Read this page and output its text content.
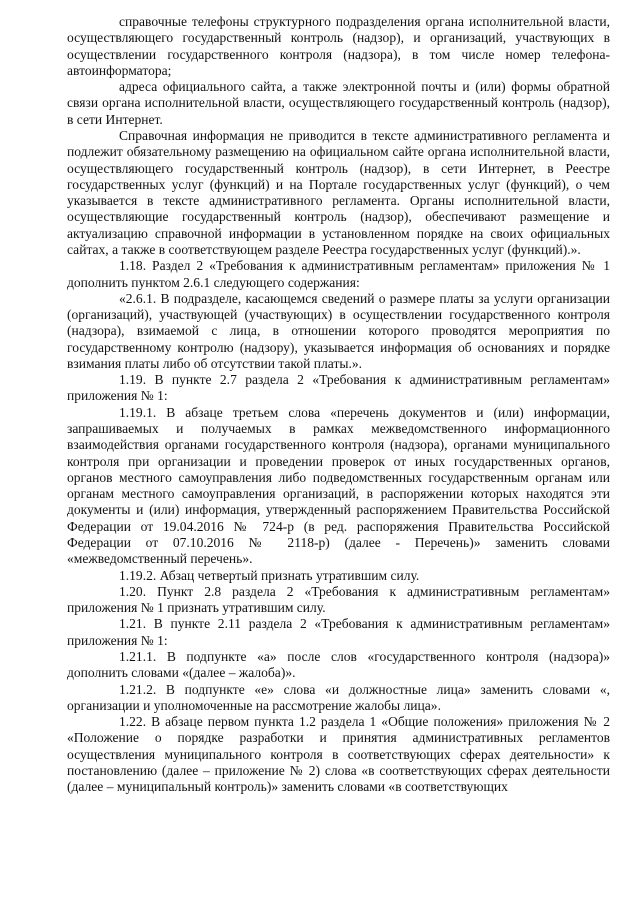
справочные телефоны структурного подразделения органа исполнительной власти, осуществляющего государственный контроль (надзор), и организаций, участвующих в осуществлении государственного контроля (надзора), в том числе номер телефона-автоинформатора;

адреса официального сайта, а также электронной почты и (или) формы обратной связи органа исполнительной власти, осуществляющего государственный контроль (надзор), в сети Интернет.

Справочная информация не приводится в тексте административного регламента и подлежит обязательному размещению на официальном сайте органа исполнительной власти, осуществляющего государственный контроль (надзор), в сети Интернет, в Реестре государственных услуг (функций) и на Портале государственных услуг (функций), о чем указывается в тексте административного регламента. Органы исполнительной власти, осуществляющие государственный контроль (надзор), обеспечивают размещение и актуализацию справочной информации в установленном порядке на своих официальных сайтах, а также в соответствующем разделе Реестра государственных услуг (функций).».

1.18. Раздел 2 «Требования к административным регламентам» приложения № 1 дополнить пунктом 2.6.1 следующего содержания:

«2.6.1. В подразделе, касающемся сведений о размере платы за услуги организации (организаций), участвующей (участвующих) в осуществлении государственного контроля (надзора), взимаемой с лица, в отношении которого проводятся мероприятия по государственному контролю (надзору), указывается информация об основаниях и порядке взимания платы либо об отсутствии такой платы.».

1.19. В пункте 2.7 раздела 2 «Требования к административным регламентам» приложения № 1:

1.19.1. В абзаце третьем слова «перечень документов и (или) информации, запрашиваемых и получаемых в рамках межведомственного информационного взаимодействия органами государственного контроля (надзора), органами муниципального контроля при организации и проведении проверок от иных государственных органов, органов местного самоуправления либо подведомственных государственным органам или органам местного самоуправления организаций, в распоряжении которых находятся эти документы и (или) информация, утвержденный распоряжением Правительства Российской Федерации от 19.04.2016 № 724-р (в ред. распоряжения Правительства Российской Федерации от 07.10.2016 № 2118-р) (далее - Перечень)» заменить словами «межведомственный перечень».

1.19.2. Абзац четвертый признать утратившим силу.

1.20. Пункт 2.8 раздела 2 «Требования к административным регламентам» приложения № 1 признать утратившим силу.

1.21. В пункте 2.11 раздела 2 «Требования к административным регламентам» приложения № 1:

1.21.1. В подпункте «а» после слов «государственного контроля (надзора)» дополнить словами «(далее – жалоба)».

1.21.2. В подпункте «е» слова «и должностные лица» заменить словами «, организации и уполномоченные на рассмотрение жалобы лица».

1.22. В абзаце первом пункта 1.2 раздела 1 «Общие положения» приложения № 2 «Положение о порядке разработки и принятия административных регламентов осуществления муниципального контроля в соответствующих сферах деятельности» к постановлению (далее – приложение № 2) слова «в соответствующих сферах деятельности (далее – муниципальный контроль)» заменить словами «в соответствующих
